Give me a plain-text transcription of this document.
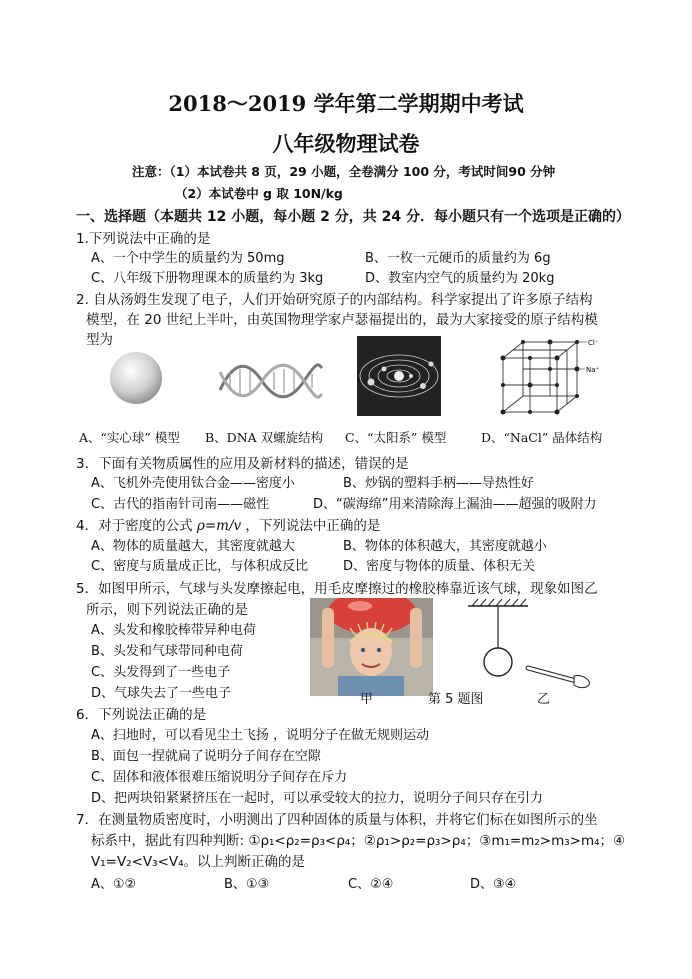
2018～2019 学年第二学期期中考试
八年级物理试卷
注意：（1）本试卷共 8 页，29 小题，全卷满分 100 分，考试时间90 分钟
（2）本试卷中 g 取 10N/kg
一、选择题（本题共 12 小题，每小题 2 分，共 24 分．每小题只有一个选项是正确的）
1.下列说法中正确的是
A、一个中学生的质量约为 50mg	B、一枚一元硬币的质量约为 6g
C、八年级下册物理课本的质量约为 3kg	D、教室内空气的质量约为 20kg
2. 自从汤姆生发现了电子，人们开始研究原子的内部结构。科学家提出了许多原子结构
模型，在 20 世纪上半叶，由英国物理学家卢瑟福提出的，最为大家接受的原子结构模
型为	Cl⁻
Na⁺
A、“实心球” 模型 B、DNA 双螺旋结构 C、“太阳系” 模型	D、“NaCl” 晶体结构
3．下面有关物质属性的应用及新材料的描述，错误的是
A、飞机外壳使用钛合金——密度小	B、炒锅的塑料手柄——导热性好
C、古代的指南针司南——磁性	D、“碳海绵”用来清除海上漏油——超强的吸附力
4．对于密度的公式 ρ=m/v ，下列说法中正确的是
A、物体的质量越大，其密度就越大	B、物体的体积越大，其密度就越小
C、密度与质量成正比，与体积成反比	D、密度与物体的质量、体积无关
5．如图甲所示，气球与头发摩擦起电，用毛皮摩擦过的橡胶棒靠近该气球，现象如图乙
所示，则下列说法正确的是
A、头发和橡胶棒带异种电荷
B、头发和气球带同种电荷
C、头发得到了一些电子
D、气球失去了一些电子	甲	第 5 题图	乙
6．下列说法正确的是
A、扫地时，可以看见尘土飞扬 ，说明分子在做无规则运动
B、面包一捏就扁了说明分子间存在空隙
C、固体和液体很难压缩说明分子间存在斥力
D、把两块铅紧紧挤压在一起时，可以承受较大的拉力，说明分子间只存在引力
7．在测量物质密度时，小明测出了四种固体的质量与体积，并将它们标在如图所示的坐
标系中，据此有四种判断: ①ρ₁<ρ₂=ρ₃<ρ₄；②ρ₁>ρ₂=ρ₃>ρ₄；③m₁=m₂>m₃>m₄；④
V₁=V₂<V₃<V₄。以上判断正确的是
A、①②	B、①③	C、②④	D、③④
